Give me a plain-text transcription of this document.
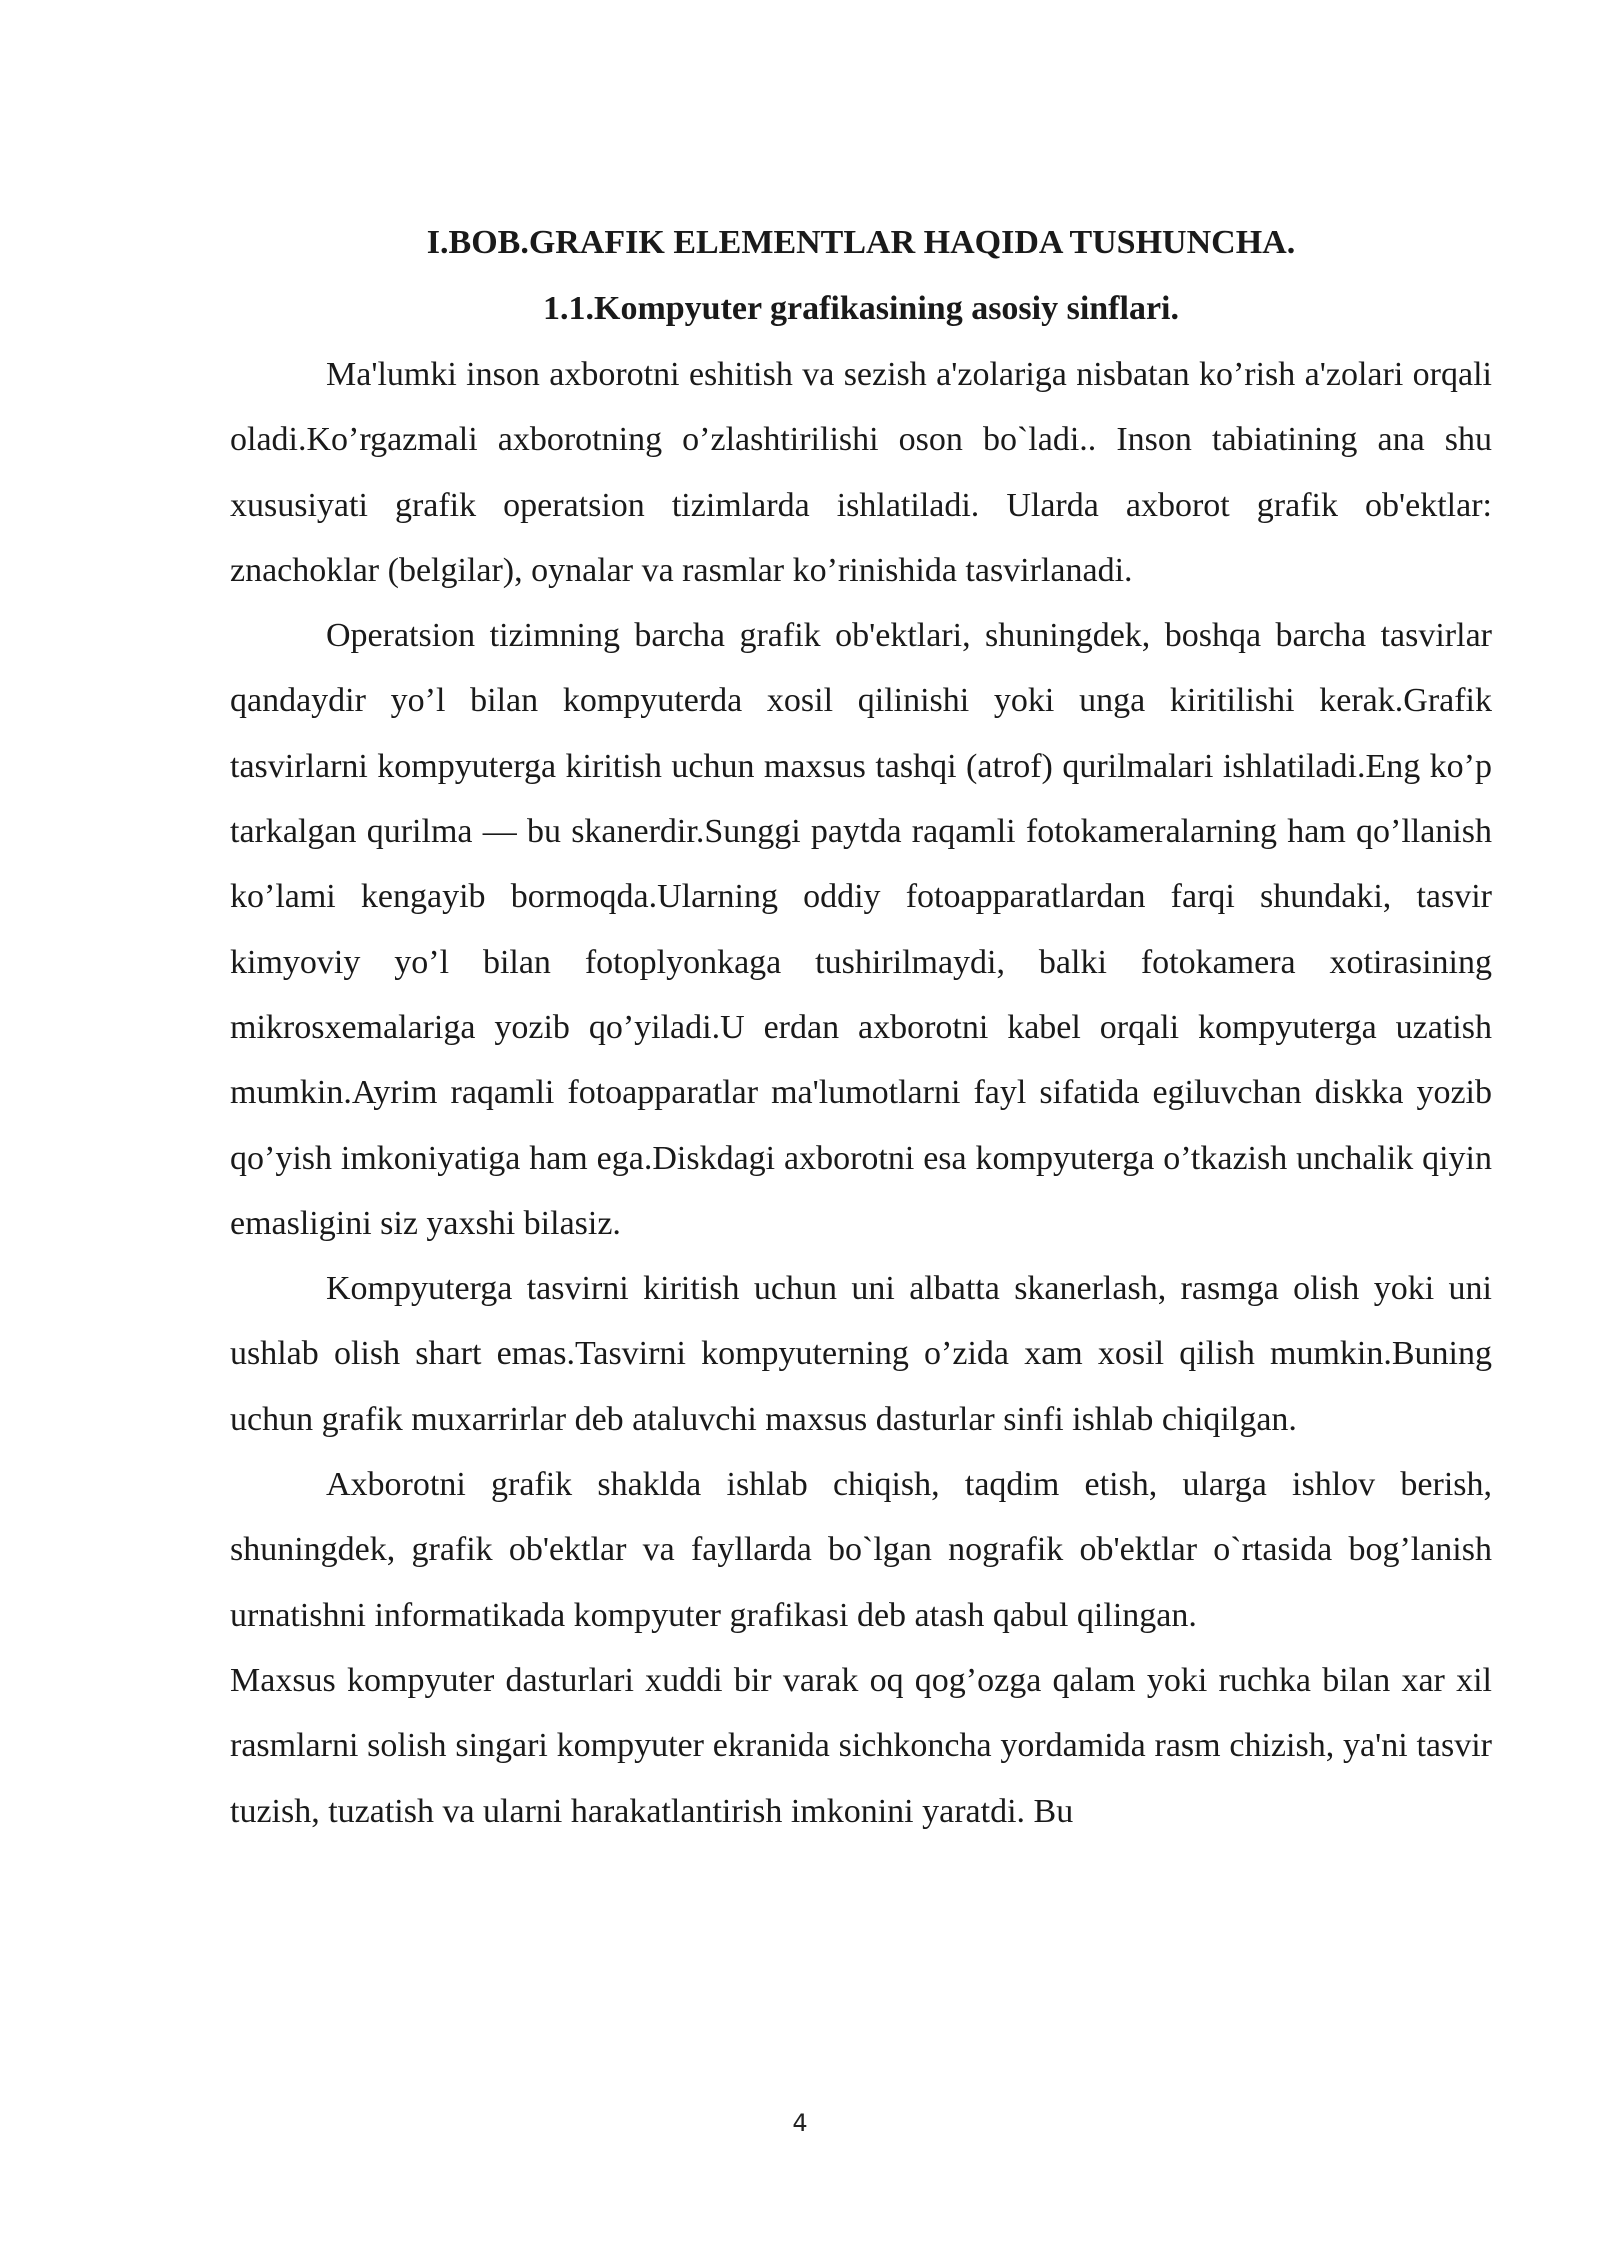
I.BOB.GRAFIK ELEMENTLAR HAQIDA TUSHUNCHA.
1.1.Kompyuter grafikasining asosiy sinflari.

Ma'lumki inson axborotni eshitish va sezish a'zolariga nisbatan ko’rish a'zolari orqali oladi.Ko’rgazmali axborotning o’zlashtirilishi oson bo`ladi.. Inson tabiatining ana shu xususiyati grafik operatsion tizimlarda ishlatiladi. Ularda axborot grafik ob'ektlar: znachoklar (belgilar), oynalar va rasmlar ko’rinishida tasvirlanadi.

Operatsion tizimning barcha grafik ob'ektlari, shuningdek, boshqa barcha tasvirlar qandaydir yo’l bilan kompyuterda xosil qilinishi yoki unga kiritilishi kerak.Grafik tasvirlarni kompyuterga kiritish uchun maxsus tashqi (atrof) qurilmalari ishlatiladi.Eng ko’p tarkalgan qurilma — bu skanerdir.Sunggi paytda raqamli fotokameralarning ham qo’llanish ko’lami kengayib bormoqda.Ularning oddiy fotoapparatlardan farqi shundaki, tasvir kimyoviy yo’l bilan fotoplyonkaga tushirilmaydi, balki fotokamera xotirasining mikrosxemalariga yozib qo’yiladi.U erdan axborotni kabel orqali kompyuterga uzatish mumkin.Ayrim raqamli fotoapparatlar ma'lumotlarni fayl sifatida egiluvchan diskka yozib qo’yish imkoniyatiga ham ega.Diskdagi axborotni esa kompyuterga o’tkazish unchalik qiyin emasligini siz yaxshi bilasiz.

Kompyuterga tasvirni kiritish uchun uni albatta skanerlash, rasmga olish yoki uni ushlab olish shart emas.Tasvirni kompyuterning o’zida xam xosil qilish mumkin.Buning uchun grafik muxarrirlar deb ataluvchi maxsus dasturlar sinfi ishlab chiqilgan.

Axborotni grafik shaklda ishlab chiqish, taqdim etish, ularga ishlov berish, shuningdek, grafik ob'ektlar va fayllarda bo`lgan nografik ob'ektlar o`rtasida bog’lanish urnatishni informatikada kompyuter grafikasi deb atash qabul qilingan.

Maxsus kompyuter dasturlari xuddi bir varak oq qog’ozga qalam yoki ruchka bilan xar xil rasmlarni solish singari kompyuter ekranida sichkoncha yordamida rasm chizish, ya'ni tasvir tuzish, tuzatish va ularni harakatlantirish imkonini yaratdi. Bu

4
